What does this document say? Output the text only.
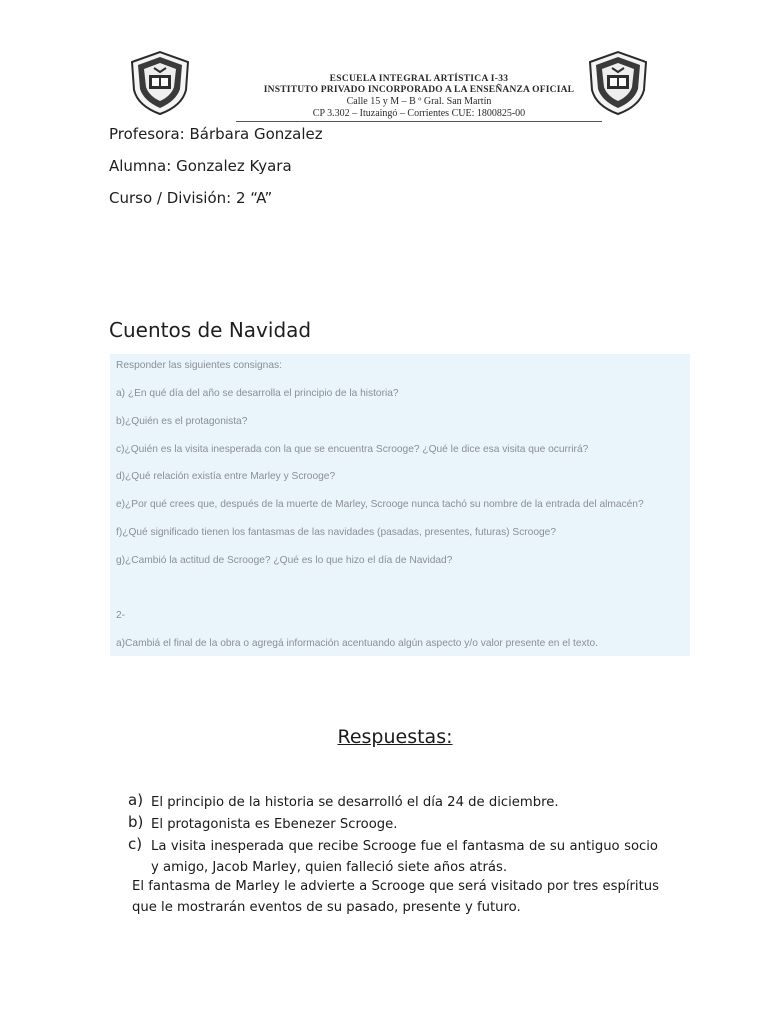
ESCUELA INTEGRAL ARTÍSTICA I-33
INSTITUTO PRIVADO INCORPORADO A LA ENSEÑANZA OFICIAL
Calle 15 y M – B º Gral. San Martín
CP 3.302 – Ituzaingó – Corrientes CUE: 1800825-00
Profesora: Bárbara Gonzalez
Alumna: Gonzalez Kyara
Curso / División: 2 “A”
Cuentos de Navidad
Responder las siguientes consignas:
a) ¿En qué día del año se desarrolla el principio de la historia?
b)¿Quién es el protagonista?
c)¿Quién es la visita inesperada con la que se encuentra Scrooge? ¿Qué le dice esa visita que ocurrirá?
d)¿Qué relación existía entre Marley y Scrooge?
e)¿Por qué crees que, después de la muerte de Marley, Scrooge nunca tachó su nombre de la entrada del almacén?
f)¿Qué significado tienen los fantasmas de las navidades (pasadas, presentes, futuras) Scrooge?
g)¿Cambió la actitud de Scrooge? ¿Qué es lo que hizo el día de Navidad?
2-
a)Cambiá el final de la obra o agregá información acentuando algún aspecto y/o valor presente en el texto.
Respuestas:
a) El principio de la historia se desarrolló el día 24 de diciembre.
b) El protagonista es Ebenezer Scrooge.
c) La visita inesperada que recibe Scrooge fue el fantasma de su antiguo socio y amigo, Jacob Marley, quien falleció siete años atrás.
El fantasma de Marley le advierte a Scrooge que será visitado por tres espíritus que le mostrarán eventos de su pasado, presente y futuro.
